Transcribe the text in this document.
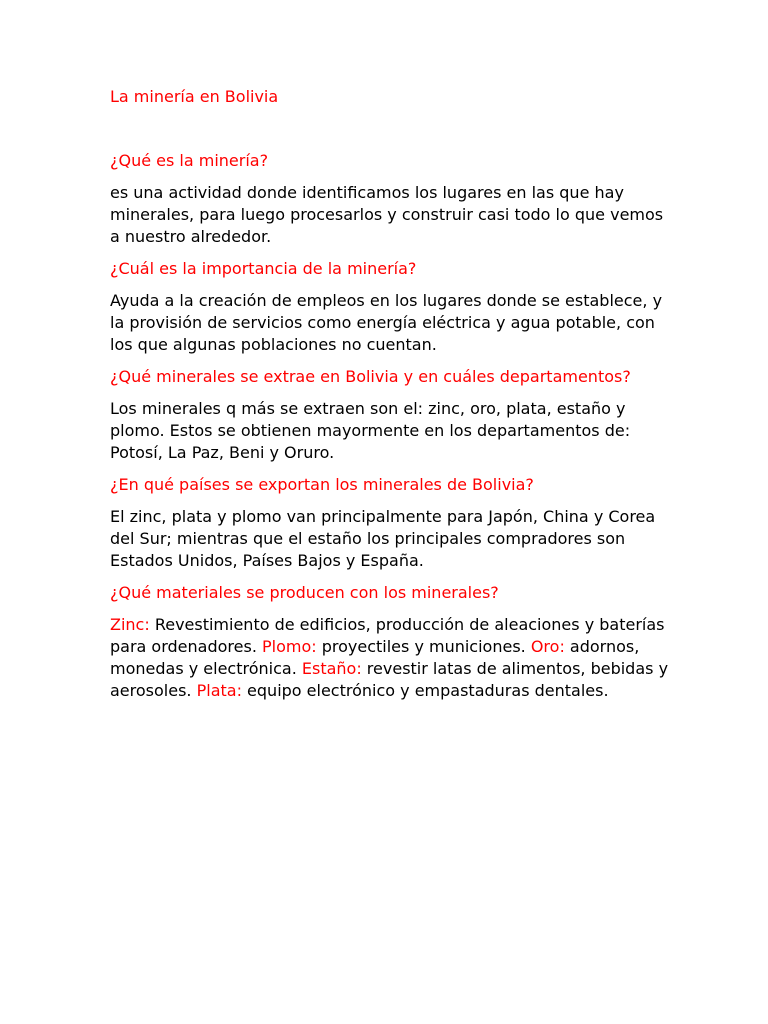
La minería en Bolivia

¿Qué es la minería?

es una actividad donde identificamos los lugares en las que hay minerales, para luego procesarlos y construir casi todo lo que vemos a nuestro alrededor.

¿Cuál es la importancia de la minería?

Ayuda a la creación de empleos en los lugares donde se establece, y la provisión de servicios como energía eléctrica y agua potable, con los que algunas poblaciones no cuentan.

¿Qué minerales se extrae en Bolivia y en cuáles departamentos?

Los minerales q más se extraen son el: zinc, oro, plata, estaño y plomo. Estos se obtienen mayormente en los departamentos de: Potosí, La Paz, Beni y Oruro.

¿En qué países se exportan los minerales de Bolivia?

El zinc, plata y plomo van principalmente para Japón, China y Corea del Sur; mientras que el estaño los principales compradores son Estados Unidos, Países Bajos y España.

¿Qué materiales se producen con los minerales?

Zinc: Revestimiento de edificios, producción de aleaciones y baterías para ordenadores. Plomo: proyectiles y municiones. Oro: adornos, monedas y electrónica. Estaño: revestir latas de alimentos, bebidas y aerosoles. Plata: equipo electrónico y empastaduras dentales.
